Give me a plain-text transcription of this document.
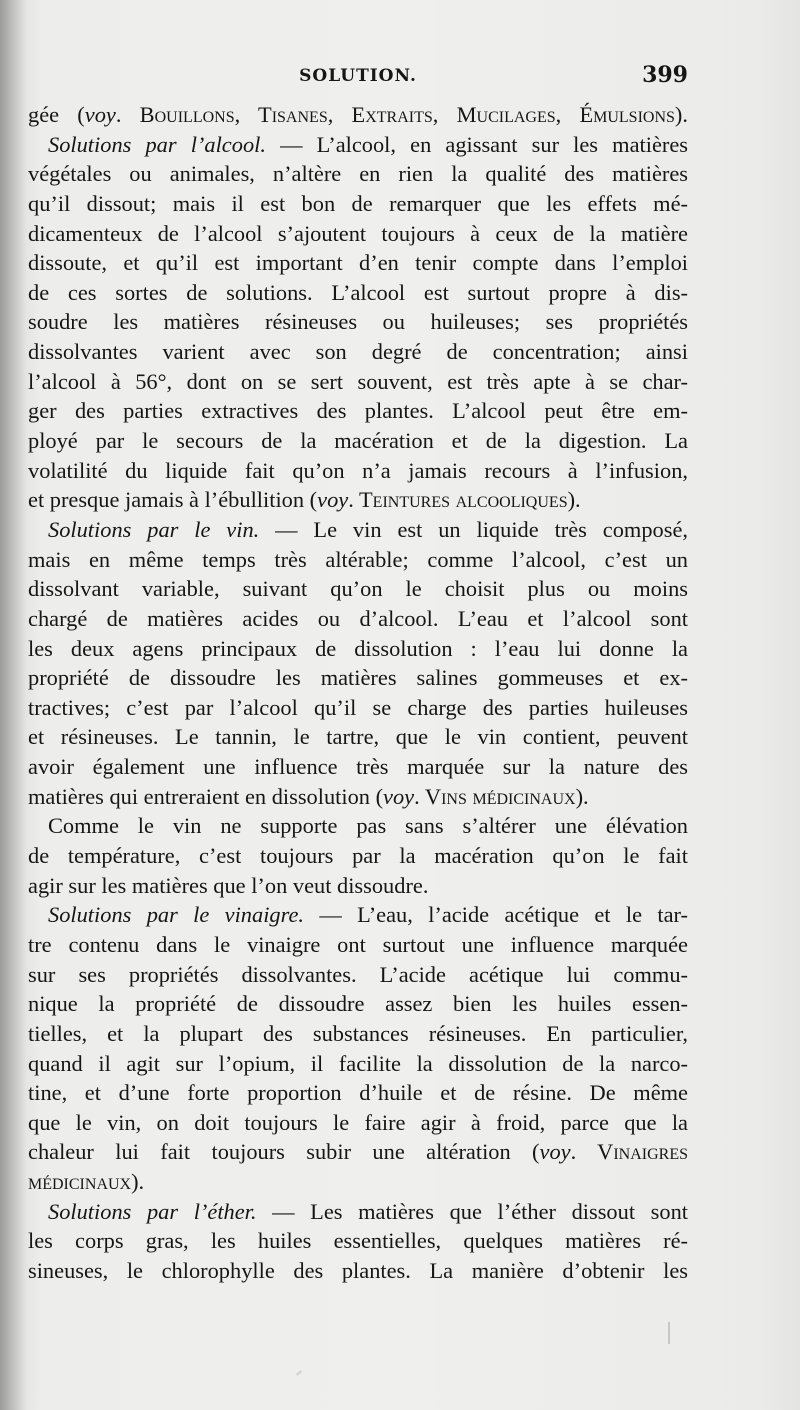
SOLUTION.	399
gée (voy. Bouillons, Tisanes, Extraits, Mucilages, Émulsions).
Solutions par l’alcool. — L’alcool, en agissant sur les matières
végétales ou animales, n’altère en rien la qualité des matières
qu’il dissout; mais il est bon de remarquer que les effets mé-
dicamenteux de l’alcool s’ajoutent toujours à ceux de la matière
dissoute, et qu’il est important d’en tenir compte dans l’emploi
de ces sortes de solutions. L’alcool est surtout propre à dis-
soudre les matières résineuses ou huileuses; ses propriétés
dissolvantes varient avec son degré de concentration; ainsi
l’alcool à 56°, dont on se sert souvent, est très apte à se char-
ger des parties extractives des plantes. L’alcool peut être em-
ployé par le secours de la macération et de la digestion. La
volatilité du liquide fait qu’on n’a jamais recours à l’infusion,
et presque jamais à l’ébullition (voy. Teintures alcooliques).
Solutions par le vin. — Le vin est un liquide très composé,
mais en même temps très altérable; comme l’alcool, c’est un
dissolvant variable, suivant qu’on le choisit plus ou moins
chargé de matières acides ou d’alcool. L’eau et l’alcool sont
les deux agens principaux de dissolution : l’eau lui donne la
propriété de dissoudre les matières salines gommeuses et ex-
tractives; c’est par l’alcool qu’il se charge des parties huileuses
et résineuses. Le tannin, le tartre, que le vin contient, peuvent
avoir également une influence très marquée sur la nature des
matières qui entreraient en dissolution (voy. Vins médicinaux).
Comme le vin ne supporte pas sans s’altérer une élévation
de température, c’est toujours par la macération qu’on le fait
agir sur les matières que l’on veut dissoudre.
Solutions par le vinaigre. — L’eau, l’acide acétique et le tar-
tre contenu dans le vinaigre ont surtout une influence marquée
sur ses propriétés dissolvantes. L’acide acétique lui commu-
nique la propriété de dissoudre assez bien les huiles essen-
tielles, et la plupart des substances résineuses. En particulier,
quand il agit sur l’opium, il facilite la dissolution de la narco-
tine, et d’une forte proportion d’huile et de résine. De même
que le vin, on doit toujours le faire agir à froid, parce que la
chaleur lui fait toujours subir une altération (voy. Vinaigres
médicinaux).
Solutions par l’éther. — Les matières que l’éther dissout sont
les corps gras, les huiles essentielles, quelques matières ré-
sineuses, le chlorophylle des plantes. La manière d’obtenir les
